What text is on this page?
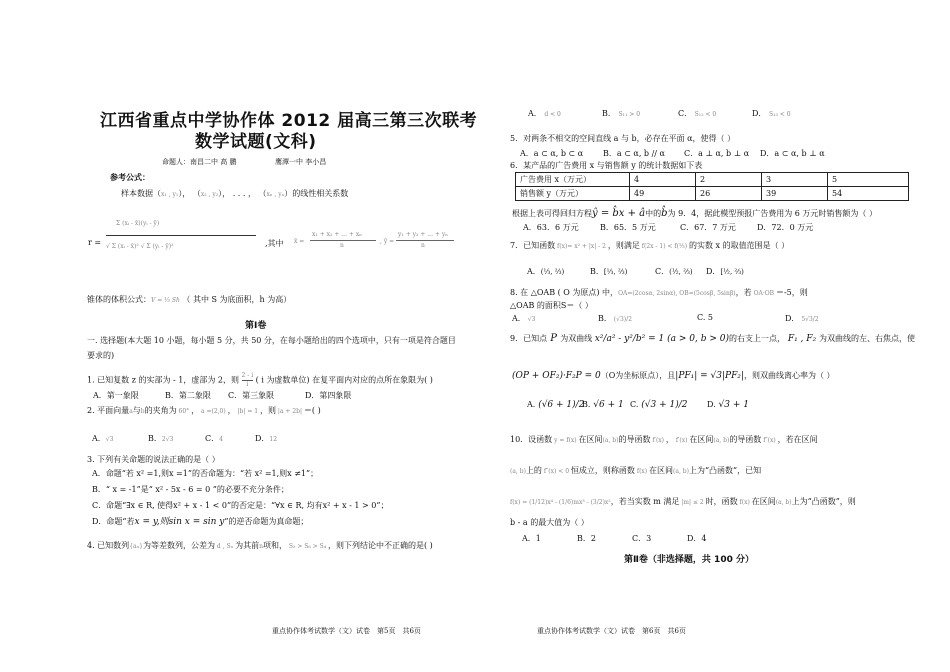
江西省重点中学协作体 2012 届高三第三次联考
数学试题(文科)
命题人：南昌二中 高 鹏	鹰潭一中 李小昌
参考公式：
样本数据（x₁ , y₁）， （x₂ , y₂）， . . . ， （xₙ , yₙ）的线性相关系数
r =
Σ (xᵢ - x̄)(yᵢ - ȳ)
√ Σ (xᵢ - x̄)² √ Σ (yᵢ - ȳ)²	,其中 x̄ =
x₁ + x₂ + ... + xₙ
n
, ȳ =
y₁ + y₂ + ... + yₙ
n
锥体的体积公式：V = ⅓ Sh （ 其中 S 为底面积，h 为高）
第Ⅰ卷
一. 选择题(本大题 10 小题，每小题 5 分，共 50 分，在每小题给出的四个选项中，只有一项是符合题目
要求的)
1. 已知复数 z 的实部为 - 1，虚部为 2，则 $\frac{2 - i}{i}$ ( i 为虚数单位) 在复平面内对应的点所在象限为( )
A．第一象限	B．第二象限 C．第三象限	D．第四象限
2. 平面向量a与b的夹角为 60° ， a =(2,0) ， |b| = 1 ，则 |a + 2b| ＝( )
A．√3	B．2√3	C．4	D．12
3. 下列有关命题的说法正确的是（ ）
A．命题“若 x² =1,则x =1”的否命题为：“若 x² =1,则x ≠1”；
B．“ x = -1”是“ x² - 5x - 6 = 0 ”的必要不充分条件；
C．命题“∃x ∈ R, 使得x² + x - 1 < 0”的否定是：“∀x ∈ R, 均有x² + x - 1 > 0”；
D．命题“若x = y,则sin x = sin y”的逆否命题为真命题；
4. 已知数列{aₙ}为等差数列，公差为 d , Sₙ 为其前n项和， S₅ > S₆ > S₄ ，则下列结论中不正确的是( )
重点协作体考试数学（文）试卷　第5页　共6页
A． d < 0	B． S₁₁ > 0	C． S₁₂ < 0	D． S₁₃ < 0
5．对两条不相交的空间直线 a 与 b，必存在平面 α，使得（ ）
A．a ⊂ α, b ⊂ α B．a ⊂ α, b // α C．a ⊥ α, b ⊥ α D．a ⊂ α, b ⊥ α
6．某产品的广告费用 x 与销售额 y 的统计数据如下表
广告费用 x（万元）	4	2	3	5
销售额 y（万元）	49	26	39	54
根据上表可得回归方程ŷ = b̂x + â中的b̂为 9．4，据此模型预报广告费用为 6 万元时销售额为（ ）
A．63．6 万元	B．65．5 万元	C．67．7 万元	D．72．0 万元
7．已知函数 f(x)= x² + |x| - 2 ，则满足 f(2x - 1) < f(⅓) 的实数 x 的取值范围是（ ）
A．(⅓, ⅔)	B．[⅓, ⅔)	C．(½, ⅔) D．[½, ⅔)
8. 在 △OAB ( O 为原点) 中，OA=(2cosα, 2sinα), OB=(5cosβ, 5sinβ)，若 OA·OB ＝-5，则
△OAB 的面积S＝（ ）
A． √3	B． (√3)/2	C. 5	D． 5√3/2
9．已知点 P 为双曲线 x²/a² - y²/b² = 1 (a > 0, b > 0)的右支上一点， F₁ , F₂ 为双曲线的左、右焦点，使
(OP + OF₂)·F₂P = 0（O为坐标原点），且|PF₁| = √3|PF₂|，则双曲线离心率为（ ）
A. (√6 + 1)/2
B. √6 + 1 C. (√3 + 1)/2 D. √3 + 1
10．设函数 y = f(x) 在区间(a, b)的导函数 f′(x) ， f′(x) 在区间(a, b)的导函数 f″(x) ，若在区间
(a, b)上的 f″(x) < 0 恒成立，则称函数 f(x) 在区间(a, b)上为“凸函数”，已知
f(x) = (1/12)x⁴ - (1/6)mx³ - (3/2)x²，若当实数 m 满足 |m| ≤ 2 时，函数 f(x) 在区间(a, b)上为“凸函数”，则
b - a 的最大值为（ ）
A．1	B．2	C．3	D．4
第Ⅱ卷（非选择题，共 100 分）
重点协作体考试数学（文）试卷　第6页　共6页
